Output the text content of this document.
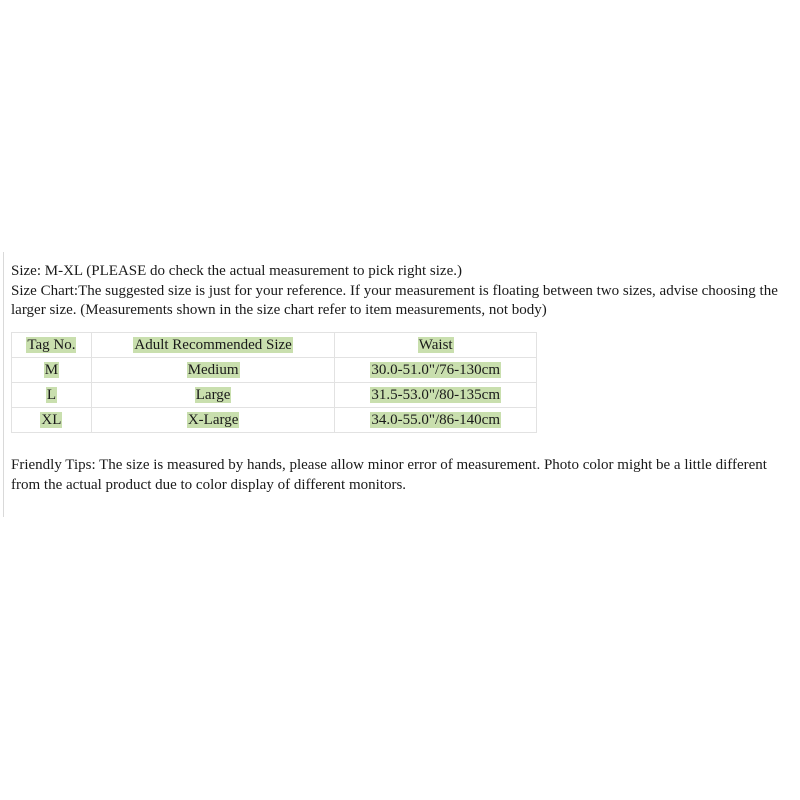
Size: M-XL (PLEASE do check the actual measurement to pick right size.)

Size Chart:The suggested size is just for your reference. If your measurement is floating between two sizes, advise choosing the larger size. (Measurements shown in the size chart refer to item measurements, not body)

Tag No.	Adult Recommended Size	Waist
M	Medium	30.0-51.0"/76-130cm
L	Large	31.5-53.0"/80-135cm
XL	X-Large	34.0-55.0"/86-140cm

Friendly Tips: The size is measured by hands, please allow minor error of measurement. Photo color might be a little different from the actual product due to color display of different monitors.
